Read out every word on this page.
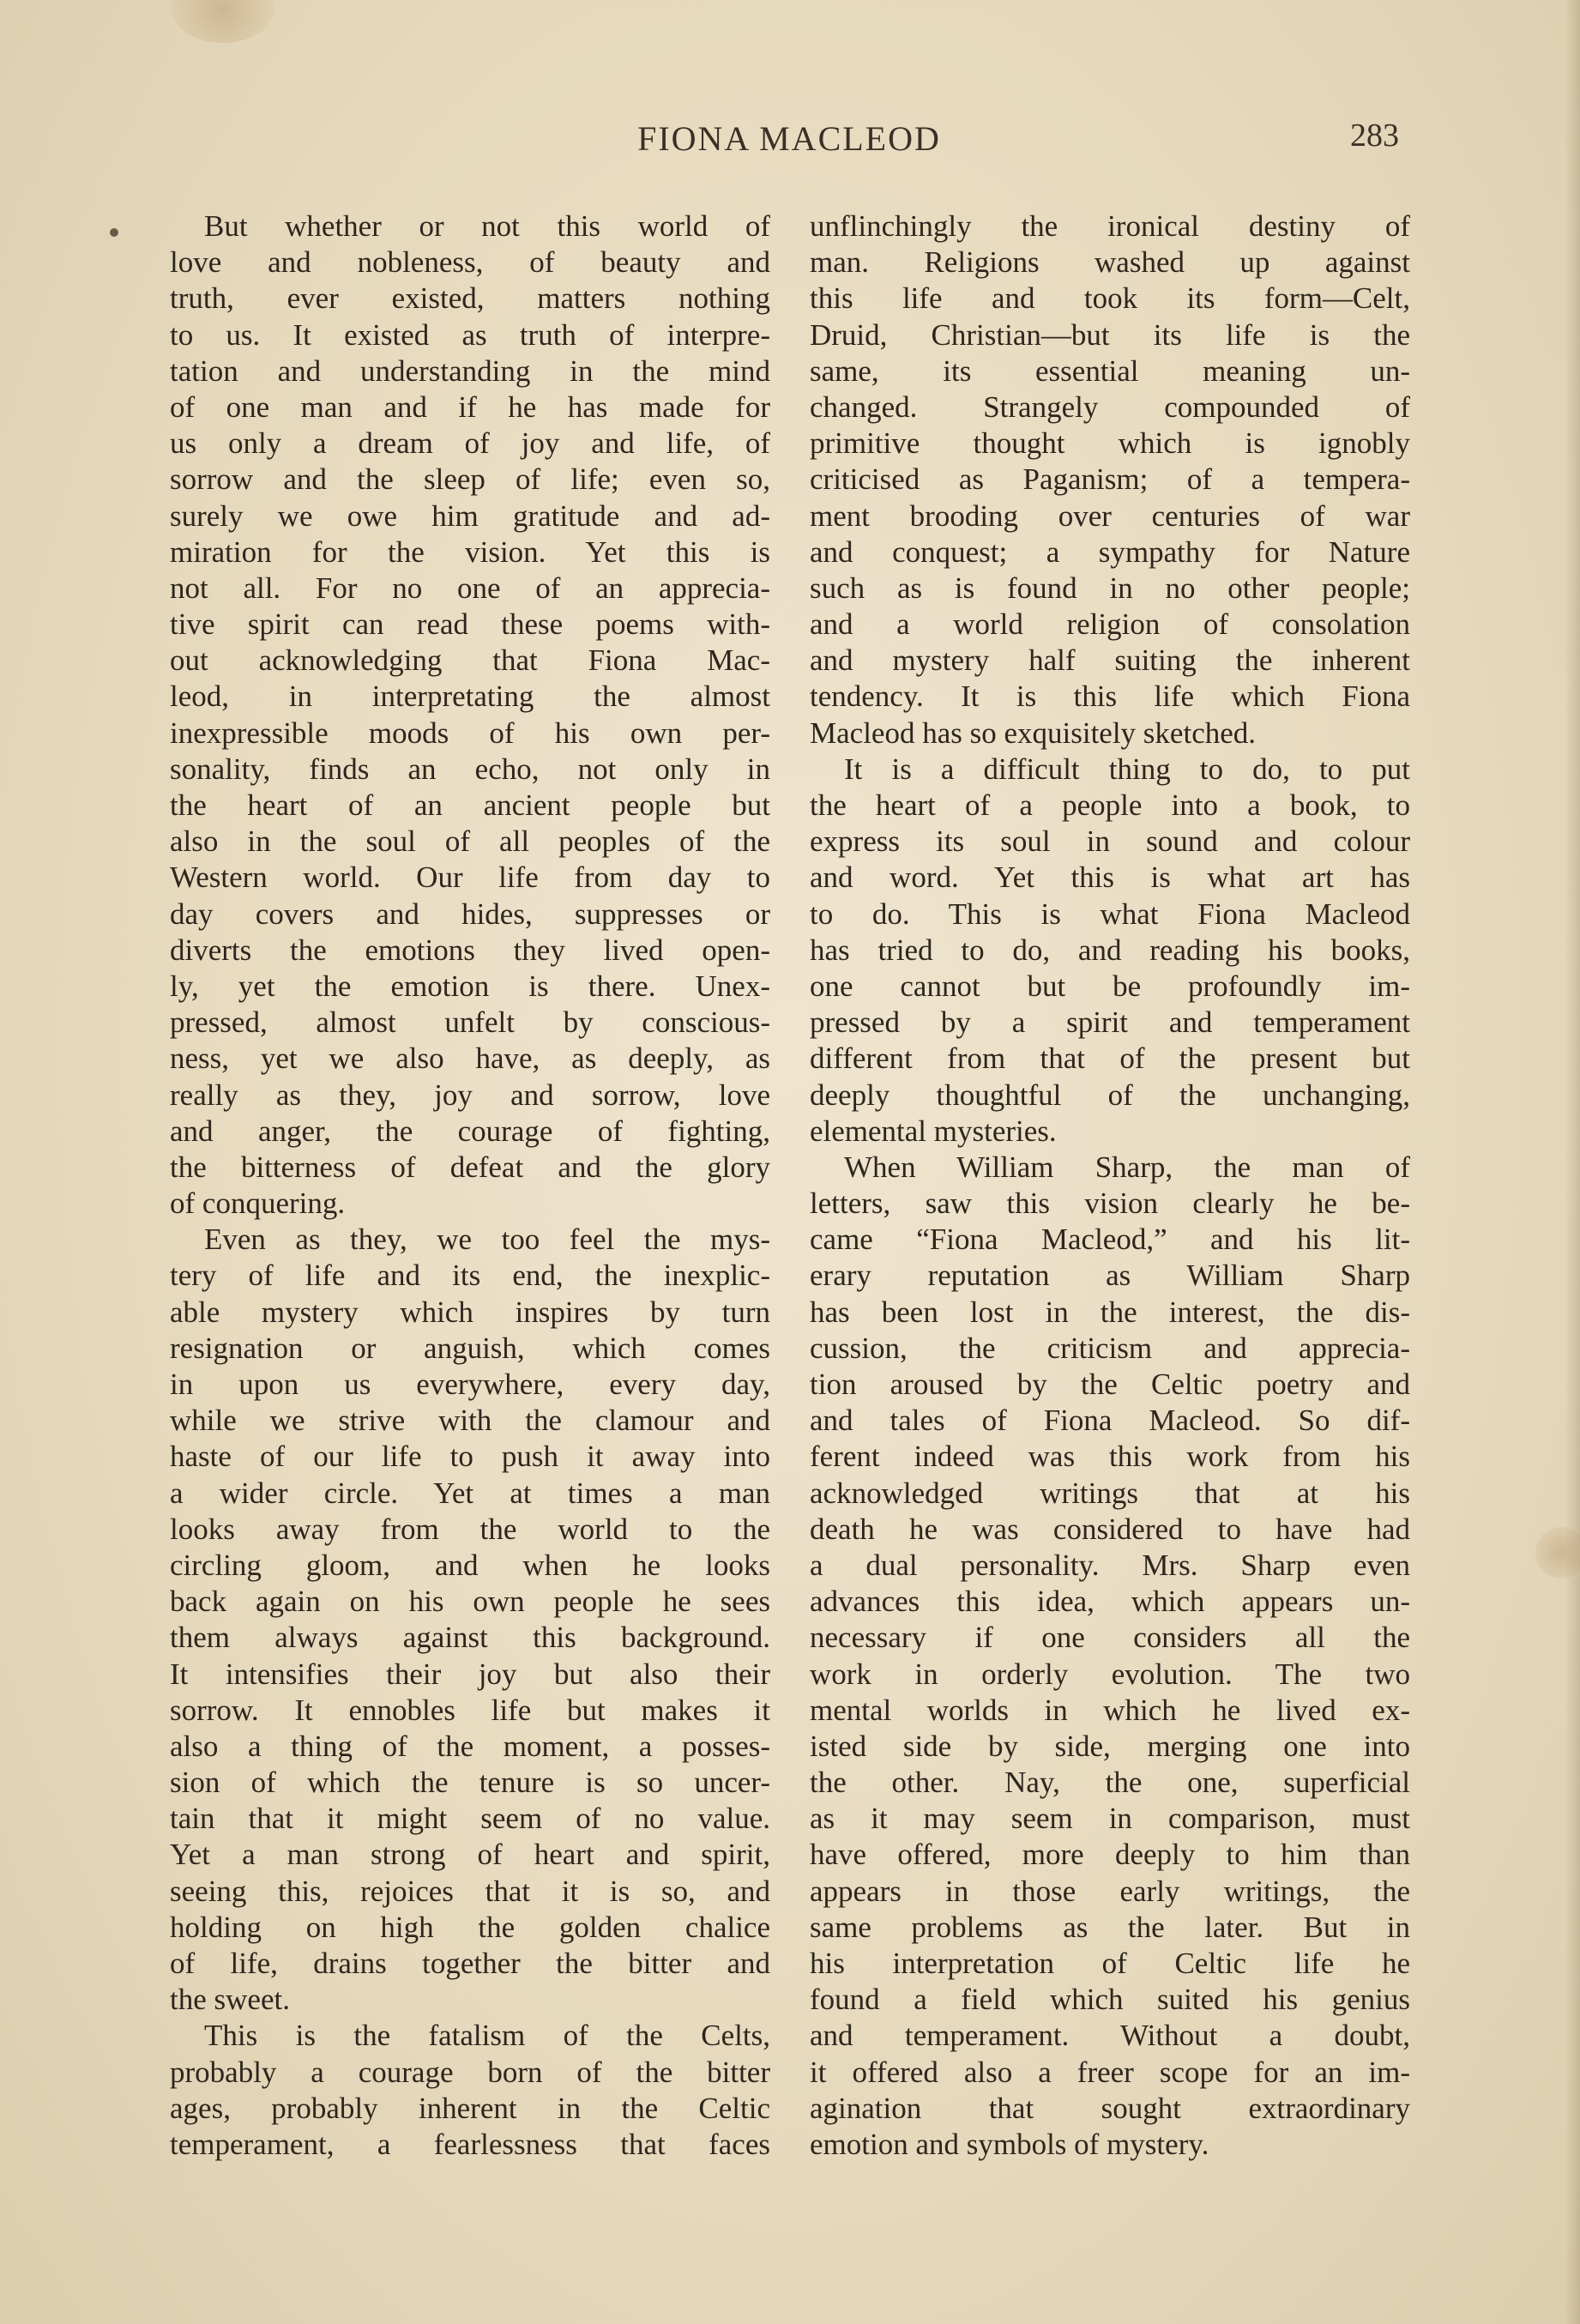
FIONA MACLEOD	283
But whether or not this world of
love and nobleness, of beauty and
truth, ever existed, matters nothing
to us. It existed as truth of interpre-
tation and understanding in the mind
of one man and if he has made for
us only a dream of joy and life, of
sorrow and the sleep of life; even so,
surely we owe him gratitude and ad-
miration for the vision. Yet this is
not all. For no one of an apprecia-
tive spirit can read these poems with-
out acknowledging that Fiona Mac-
leod, in interpretating the almost
inexpressible moods of his own per-
sonality, finds an echo, not only in
the heart of an ancient people but
also in the soul of all peoples of the
Western world. Our life from day to
day covers and hides, suppresses or
diverts the emotions they lived open-
ly, yet the emotion is there. Unex-
pressed, almost unfelt by conscious-
ness, yet we also have, as deeply, as
really as they, joy and sorrow, love
and anger, the courage of fighting,
the bitterness of defeat and the glory
of conquering.
Even as they, we too feel the mys-
tery of life and its end, the inexplic-
able mystery which inspires by turn
resignation or anguish, which comes
in upon us everywhere, every day,
while we strive with the clamour and
haste of our life to push it away into
a wider circle. Yet at times a man
looks away from the world to the
circling gloom, and when he looks
back again on his own people he sees
them always against this background.
It intensifies their joy but also their
sorrow. It ennobles life but makes it
also a thing of the moment, a posses-
sion of which the tenure is so uncer-
tain that it might seem of no value.
Yet a man strong of heart and spirit,
seeing this, rejoices that it is so, and
holding on high the golden chalice
of life, drains together the bitter and
the sweet.
This is the fatalism of the Celts,
probably a courage born of the bitter
ages, probably inherent in the Celtic
temperament, a fearlessness that faces
unflinchingly the ironical destiny of
man. Religions washed up against
this life and took its form—Celt,
Druid, Christian—but its life is the
same, its essential meaning un-
changed. Strangely compounded of
primitive thought which is ignobly
criticised as Paganism; of a tempera-
ment brooding over centuries of war
and conquest; a sympathy for Nature
such as is found in no other people;
and a world religion of consolation
and mystery half suiting the inherent
tendency. It is this life which Fiona
Macleod has so exquisitely sketched.
It is a difficult thing to do, to put
the heart of a people into a book, to
express its soul in sound and colour
and word. Yet this is what art has
to do. This is what Fiona Macleod
has tried to do, and reading his books,
one cannot but be profoundly im-
pressed by a spirit and temperament
different from that of the present but
deeply thoughtful of the unchanging,
elemental mysteries.
When William Sharp, the man of
letters, saw this vision clearly he be-
came “Fiona Macleod,” and his lit-
erary reputation as William Sharp
has been lost in the interest, the dis-
cussion, the criticism and apprecia-
tion aroused by the Celtic poetry and
and tales of Fiona Macleod. So dif-
ferent indeed was this work from his
acknowledged writings that at his
death he was considered to have had
a dual personality. Mrs. Sharp even
advances this idea, which appears un-
necessary if one considers all the
work in orderly evolution. The two
mental worlds in which he lived ex-
isted side by side, merging one into
the other. Nay, the one, superficial
as it may seem in comparison, must
have offered, more deeply to him than
appears in those early writings, the
same problems as the later. But in
his interpretation of Celtic life he
found a field which suited his genius
and temperament. Without a doubt,
it offered also a freer scope for an im-
agination that sought extraordinary
emotion and symbols of mystery.
